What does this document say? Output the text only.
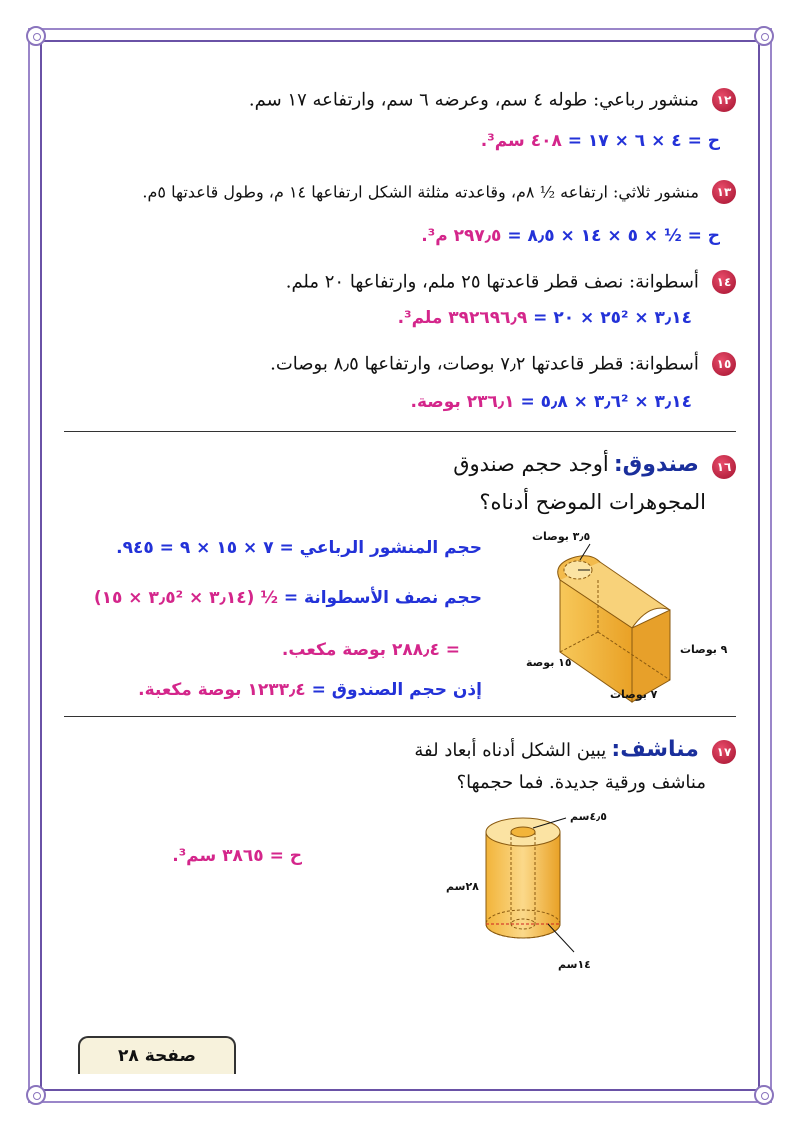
١٢ منشور رباعي: طوله ٤ سم، وعرضه ٦ سم، وارتفاعه ١٧ سم.
ح = ٤ × ٦ × ١٧ = ٤٠٨ سم³.
١٣ منشور ثلاثي: ارتفاعه ½ ٨م، وقاعدته مثلثة الشكل ارتفاعها ١٤ م، وطول قاعدتها ٥م.
ح = ½ × ٥ × ١٤ × ٨٫٥ = ٢٩٧٫٥ م³.
١٤ أسطوانة: نصف قطر قاعدتها ٢٥ ملم، وارتفاعها ٢٠ ملم.
٣٫١٤ × ٢٥² × ٢٠ = ٣٩٢٦٩٦٫٩ ملم³.
١٥ أسطوانة: قطر قاعدتها ٧٫٢ بوصات، وارتفاعها ٨٫٥ بوصات.
٣٫١٤ × ٣٫٦² × ٥٫٨ = ٢٣٦٫١ بوصة.
١٦ صندوق: أوجد حجم صندوق
المجوهرات الموضح أدناه؟
حجم المنشور الرباعي = ٧ × ١٥ × ٩ = ٩٤٥.
حجم نصف الأسطوانة = ½ (٣٫١٤ × ٣٫٥² × ١٥)
= ٢٨٨٫٤ بوصة مكعب.
إذن حجم الصندوق = ١٢٣٣٫٤ بوصة مكعبة.
٣٫٥ بوصات
٩ بوصات
١٥ بوصة
٧ بوصات
١٧ مناشف: يبين الشكل أدناه أبعاد لفة
مناشف ورقية جديدة. فما حجمها؟
ح = ٣٨٦٥ سم³.
٤٫٥سم
٢٨سم
١٤سم
صفحة ٢٨
